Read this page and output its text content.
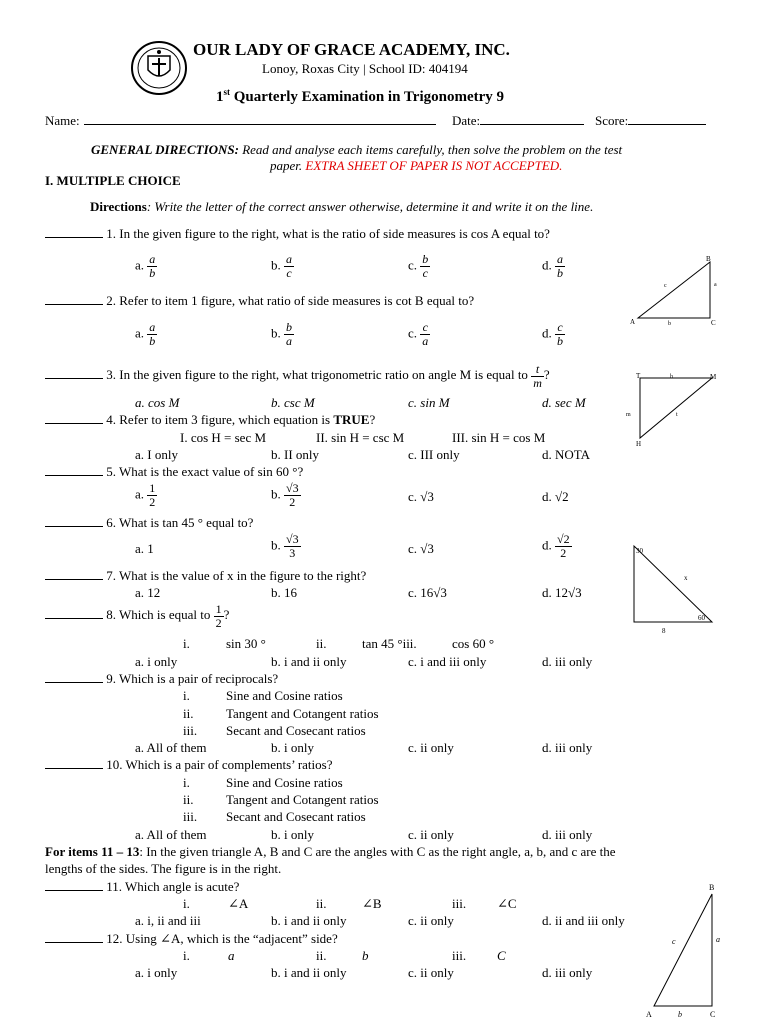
OUR LADY OF GRACE ACADEMY, INC.
Lonoy, Roxas City | School ID: 404194
1st Quarterly Examination in Trigonometry 9
Name:	Date:	Score:
GENERAL DIRECTIONS: Read and analyse each items carefully, then solve the problem on the test
paper. EXTRA SHEET OF PAPER IS NOT ACCEPTED.
I. MULTIPLE CHOICE
Directions: Write the letter of the correct answer otherwise, determine it and write it on the line.
1. In the given figure to the right, what is the ratio of side measures is cos A equal to?
a. $\frac{a}{b}$	b. $\frac{a}{c}$	c. $\frac{b}{c}$	d. $\frac{a}{b}$	B
A	C
a
b
c
2. Refer to item 1 figure, what ratio of side measures is cot B equal to?
a. $\frac{a}{b}$	b. $\frac{b}{a}$	c. $\frac{c}{a}$	d. $\frac{c}{b}$
3. In the given figure to the right, what trigonometric ratio on angle M is equal to $\frac{t}{m}$ ?
a. cos M	b. csc M	c. sin M	d. sec M
T	h	M
m	t
H
4. Refer to item 3 figure, which equation is TRUE?
I. cos H = sec M	II. sin H = csc M	III. sin H = cos M
a. I only	b. II only	c. III only	d. NOTA
5. What is the exact value of sin 60 °?
a. $\frac{1}{2}$	b. $\frac{√3}{2}$	c. √3	d. √2
6. What is tan 45 ° equal to?
a. 1	b. $\frac{√3}{3}$	c. √3	d. $\frac{√2}{2}$	30
x
60
8
7. What is the value of x in the figure to the right?
a. 12	b. 16	c. 16√3	d. 12√3
8. Which is equal to $\frac{1}{2}$ ?
i.	sin 30 °	ii.	tan 45 °iii.	cos 60 °
a. i only	b. i and ii only	c. i and iii only	d. iii only
9. Which is a pair of reciprocals?
i.	Sine and Cosine ratios
ii.	Tangent and Cotangent ratios
iii. Secant and Cosecant ratios
a. All of them	b. i only	c. ii only	d. iii only
10. Which is a pair of complements’ ratios?
i.	Sine and Cosine ratios
ii.	Tangent and Cotangent ratios
iii. Secant and Cosecant ratios
a. All of them	b. i only	c. ii only	d. iii only
For items 11 – 13: In the given triangle A, B and C are the angles with C as the right angle, a, b, and c are the
lengths of the sides. The figure is in the right.
11. Which angle is acute?
i.	∠A	ii.	∠B	iii. ∠C
a. i, ii and iii	b. i and ii only	c. ii only	d. ii and iii only
12. Using ∠A, which is the “adjacent” side?
i.	a	ii.	b	iii. C
a. i only	b. i and ii only	c. ii only	d. iii only
B
A	C
a
b
c
